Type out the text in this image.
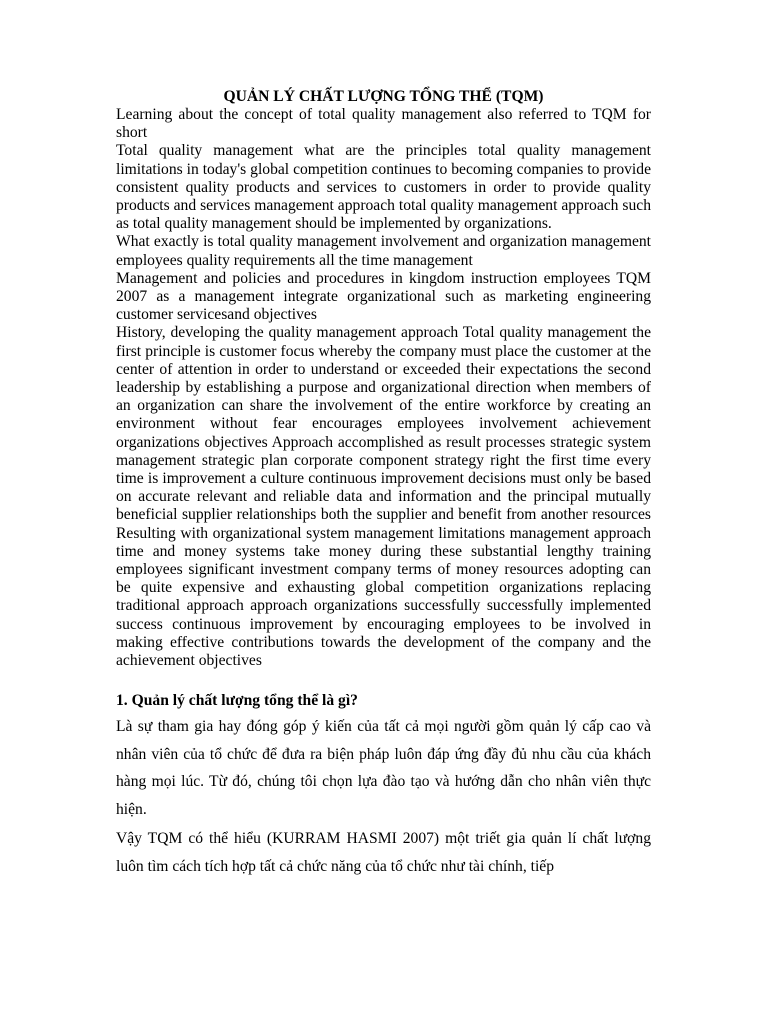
QUẢN LÝ CHẤT LƯỢNG TỔNG THỂ (TQM)

Learning about the concept of total quality management also referred to TQM for short

Total quality management what are the principles total quality management limitations in today's global competition continues to becoming companies to provide consistent quality products and services to customers in order to provide quality products and services management approach total quality management approach such as total quality management should be implemented by organizations.

What exactly is total quality management involvement and organization management employees quality requirements all the time management

Management and policies and procedures in kingdom instruction employees TQM 2007 as a management integrate organizational such as marketing engineering customer servicesand objectives

History, developing the quality management approach Total quality management the first principle is customer focus whereby the company must place the customer at the center of attention in order to understand or exceeded their expectations the second leadership by establishing a purpose and organizational direction when members of an organization can share the involvement of the entire workforce by creating an environment without fear encourages employees involvement achievement organizations objectives Approach accomplished as result processes strategic system management strategic plan corporate component strategy right the first time every time is improvement a culture continuous improvement decisions must only be based on accurate relevant and reliable data and information and the principal mutually beneficial supplier relationships both the supplier and benefit from another resources Resulting with organizational system management limitations management approach time and money systems take money during these substantial lengthy training employees significant investment company terms of money resources adopting can be quite expensive and exhausting global competition organizations replacing traditional approach approach organizations successfully successfully implemented success continuous improvement by encouraging employees to be involved in making effective contributions towards the development of the company and the achievement objectives

1. Quản lý chất lượng tổng thể là gì?

Là sự tham gia hay đóng góp ý kiến của tất cả mọi người gồm quản lý cấp cao và nhân viên của tổ chức để đưa ra biện pháp luôn đáp ứng đầy đủ nhu cầu của khách hàng mọi lúc. Từ đó, chúng tôi chọn lựa đào tạo và hướng dẫn cho nhân viên thực hiện.

Vậy TQM có thể hiểu (KURRAM HASMI 2007) một triết gia quản lí chất lượng luôn tìm cách tích hợp tất cả chức năng của tổ chức như tài chính, tiếp
